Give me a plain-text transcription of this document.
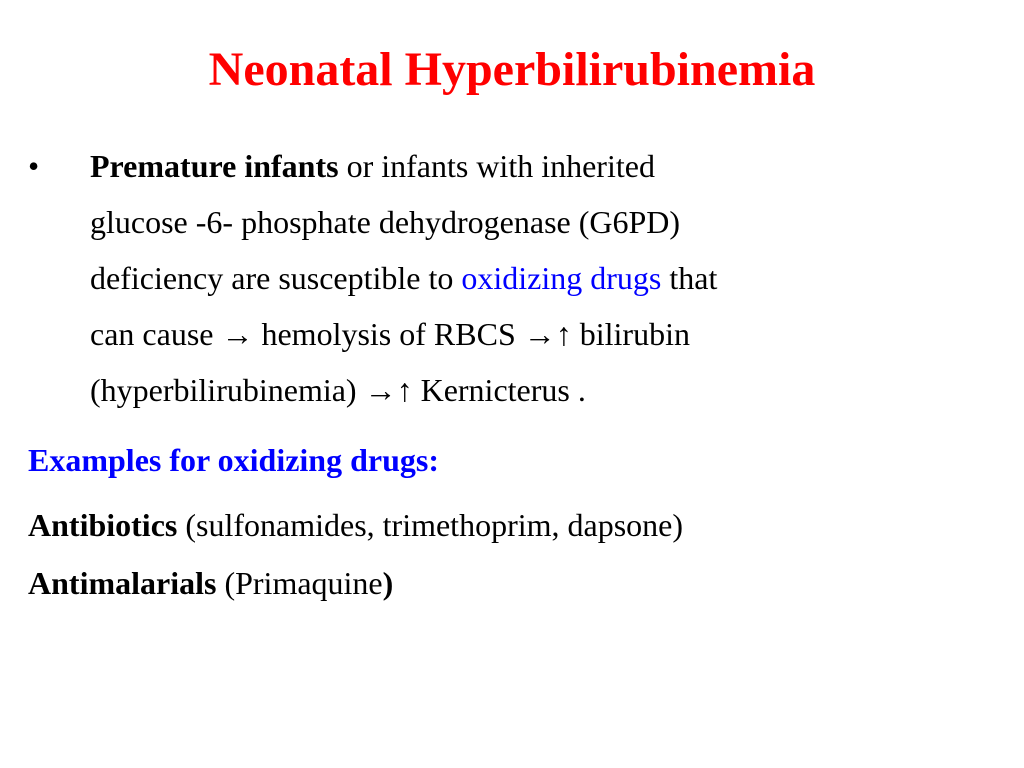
Neonatal Hyperbilirubinemia
• Premature infants or infants with inherited
glucose -6- phosphate dehydrogenase (G6PD)
deficiency are susceptible to oxidizing drugs that
can cause → hemolysis of RBCS →↑ bilirubin
(hyperbilirubinemia) →↑ Kernicterus .
Examples for oxidizing drugs:
Antibiotics (sulfonamides, trimethoprim, dapsone)
Antimalarials (Primaquine)
